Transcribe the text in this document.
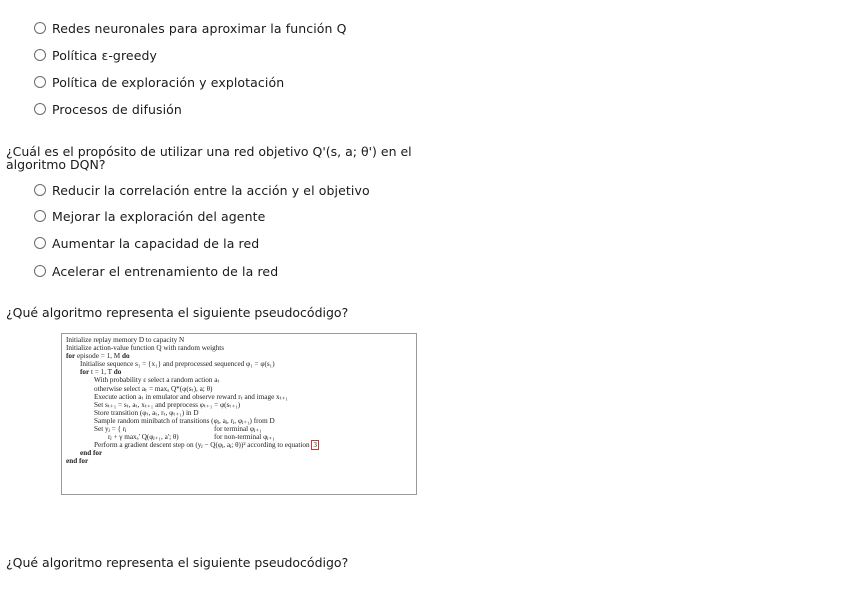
Redes neuronales para aproximar la función Q
Política ε-greedy
Política de exploración y explotación
Procesos de difusión
¿Cuál es el propósito de utilizar una red objetivo Q'(s, a; θ') en el
algoritmo DQN?
Reducir la correlación entre la acción y el objetivo
Mejorar la exploración del agente
Aumentar la capacidad de la red
Acelerar el entrenamiento de la red
¿Qué algoritmo representa el siguiente pseudocódigo?
Initialize replay memory D to capacity N
Initialize action-value function Q with random weights
for episode = 1, M do
Initialise sequence s₁ = {x₁} and preprocessed sequenced φ₁ = φ(s₁)
for t = 1, T do
With probability ε select a random action aₜ
otherwise select aₜ = maxₐ Q*(φ(sₜ), a; θ)
Execute action aₜ in emulator and observe reward rₜ and image xₜ₊₁
Set sₜ₊₁ = sₜ, aₜ, xₜ₊₁ and preprocess φₜ₊₁ = φ(sₜ₊₁)
Store transition (φₜ, aₜ, rₜ, φₜ₊₁) in D
Sample random minibatch of transitions (φⱼ, aⱼ, rⱼ, φⱼ₊₁) from D
Set yⱼ = { rⱼ	for terminal φⱼ₊₁
rⱼ + γ maxₐ' Q(φⱼ₊₁, a'; θ)	for non-terminal φⱼ₊₁
Perform a gradient descent step on (yⱼ − Q(φⱼ, aⱼ; θ))² according to equation 3
end for
end for
¿Qué algoritmo representa el siguiente pseudocódigo?
